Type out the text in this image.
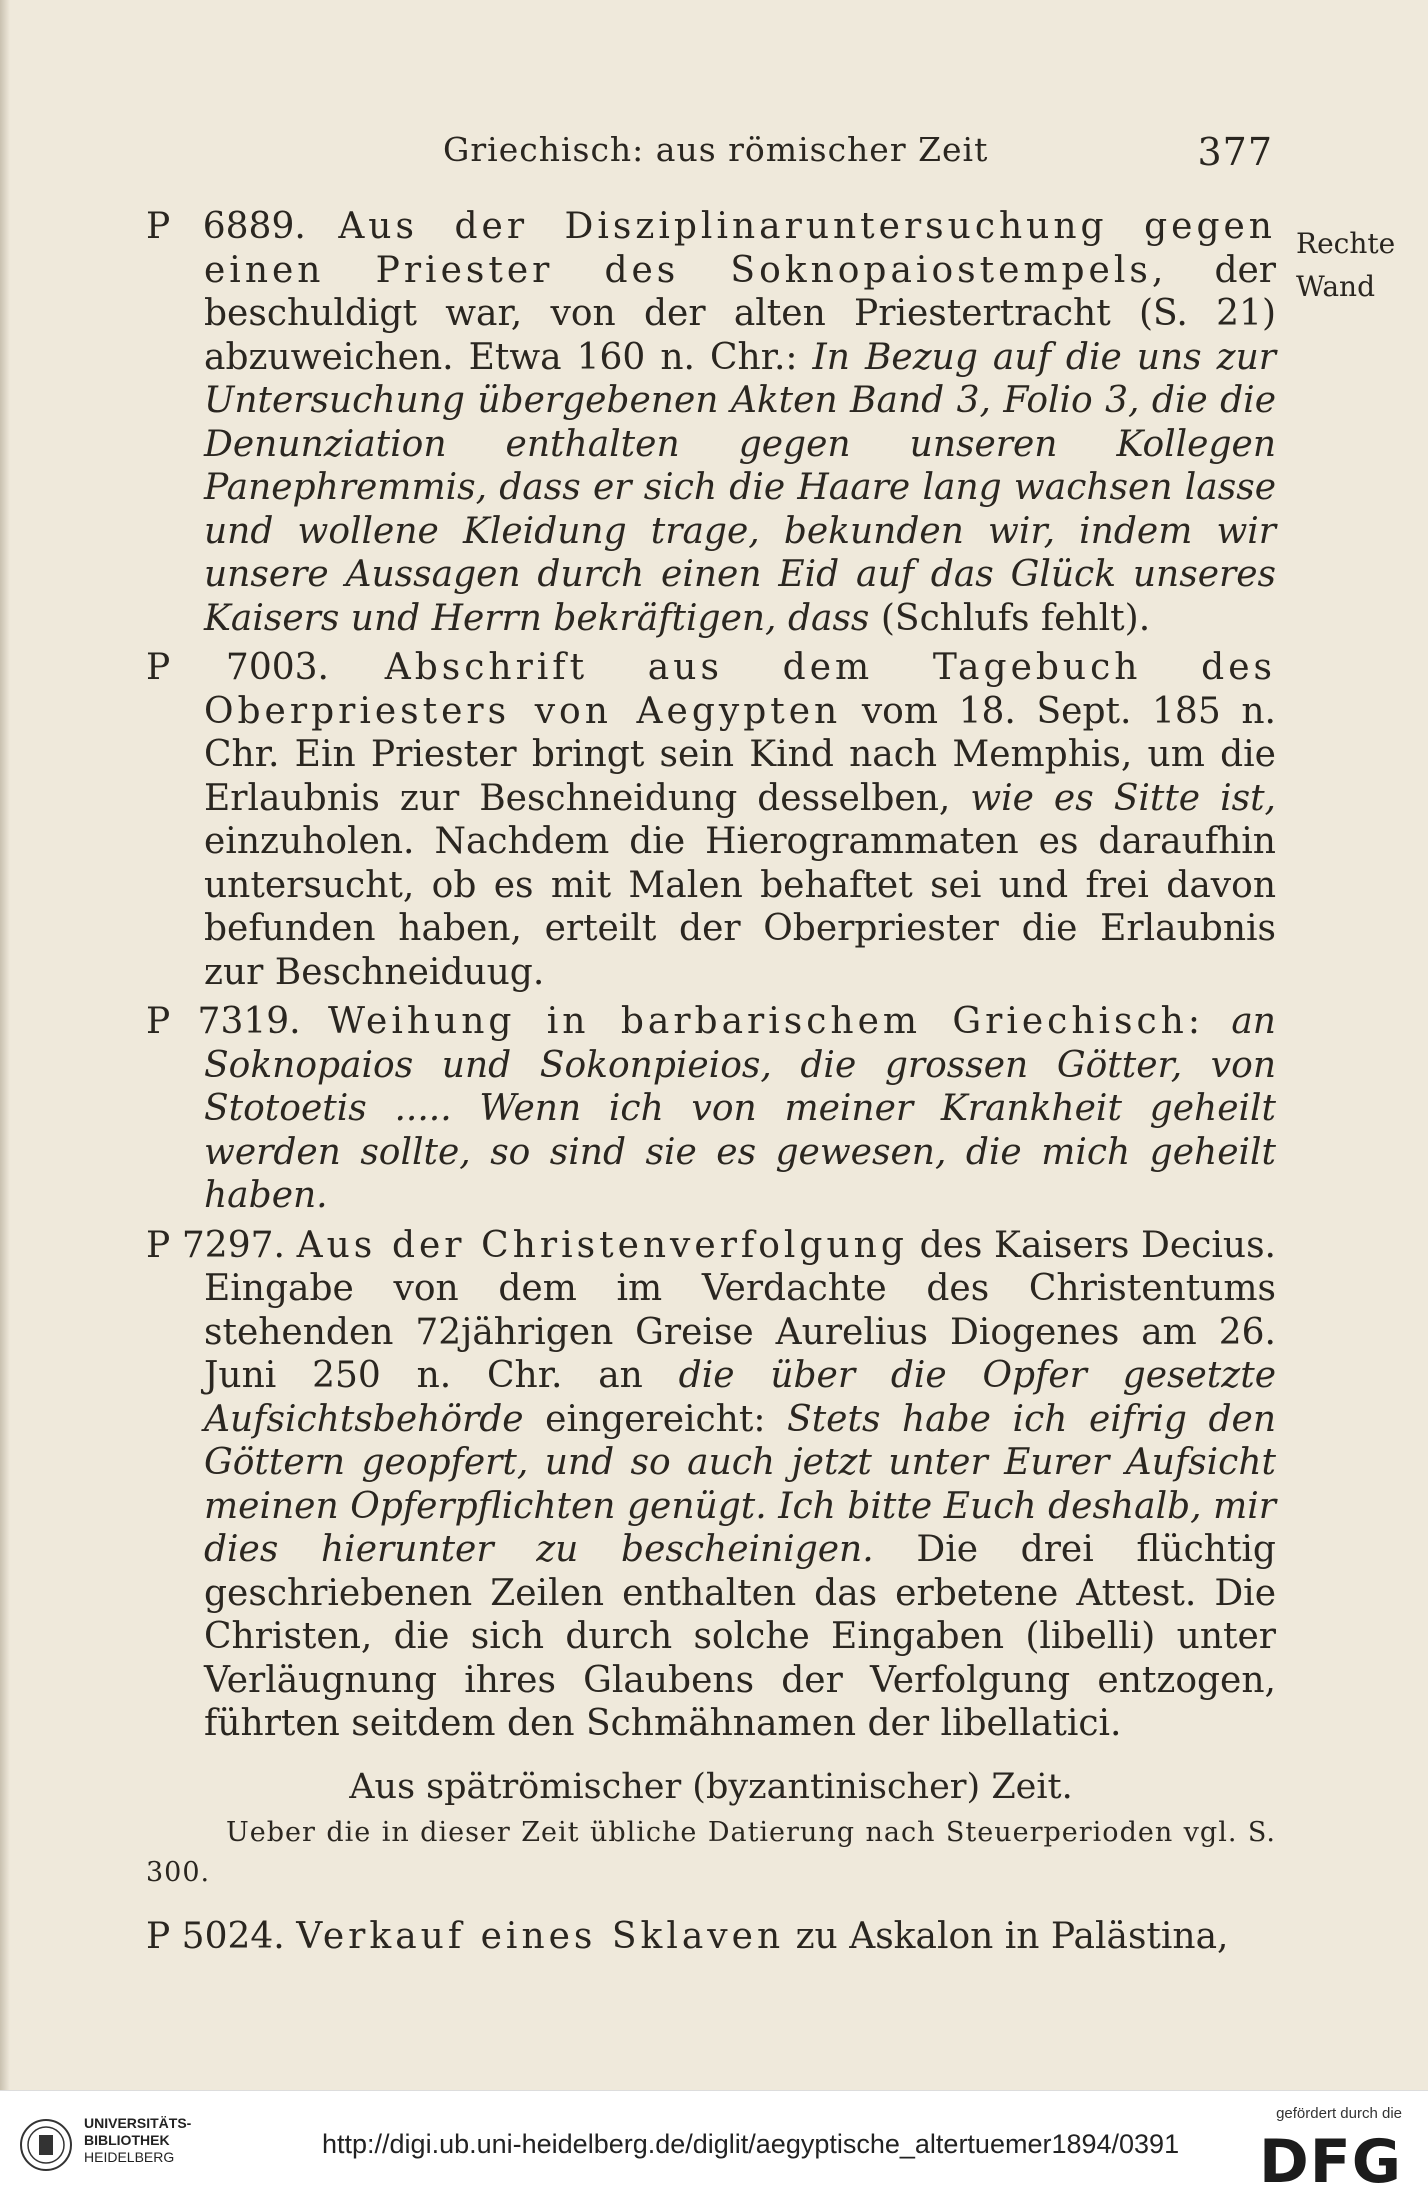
Griechisch: aus römischer Zeit	377
Rechte
Wand

P 6889. Aus der Disziplinaruntersuchung gegen einen Priester des Soknopaiostempels, der beschuldigt war, von der alten Priestertracht (S. 21) abzuweichen. Etwa 160 n. Chr.: In Bezug auf die uns zur Untersuchung übergebenen Akten Band 3, Folio 3, die die Denunziation enthalten gegen unseren Kollegen Panephremmis, dass er sich die Haare lang wachsen lasse und wollene Kleidung trage, bekunden wir, indem wir unsere Aussagen durch einen Eid auf das Glück unseres Kaisers und Herrn bekräftigen, dass (Schlufs fehlt).

P 7003. Abschrift aus dem Tagebuch des Oberpriesters von Aegypten vom 18. Sept. 185 n. Chr. Ein Priester bringt sein Kind nach Memphis, um die Erlaubnis zur Beschneidung desselben, wie es Sitte ist, einzuholen. Nachdem die Hierogrammaten es daraufhin untersucht, ob es mit Malen behaftet sei und frei davon befunden haben, erteilt der Oberpriester die Erlaubnis zur Beschneiduug.

P 7319. Weihung in barbarischem Griechisch: an Soknopaios und Sokonpieios, die grossen Götter, von Stotoetis ..... Wenn ich von meiner Krankheit geheilt werden sollte, so sind sie es gewesen, die mich geheilt haben.

P 7297. Aus der Christenverfolgung des Kaisers Decius. Eingabe von dem im Verdachte des Christentums stehenden 72jährigen Greise Aurelius Diogenes am 26. Juni 250 n. Chr. an die über die Opfer gesetzte Aufsichtsbehörde eingereicht: Stets habe ich eifrig den Göttern geopfert, und so auch jetzt unter Eurer Aufsicht meinen Opferpflichten genügt. Ich bitte Euch deshalb, mir dies hierunter zu bescheinigen. Die drei flüchtig geschriebenen Zeilen enthalten das erbetene Attest. Die Christen, die sich durch solche Eingaben (libelli) unter Verläugnung ihres Glaubens der Verfolgung entzogen, führten seitdem den Schmähnamen der libellatici.

Aus spätrömischer (byzantinischer) Zeit.

Ueber die in dieser Zeit übliche Datierung nach Steuerperioden vgl. S. 300.

P 5024. Verkauf eines Sklaven zu Askalon in Palästina,

UNIVERSITÄTS-
BIBLIOTHEK
HEIDELBERG	http://digi.ub.uni-heidelberg.de/diglit/aegyptische_altertuemer1894/0391
gefördert durch die
DFG
